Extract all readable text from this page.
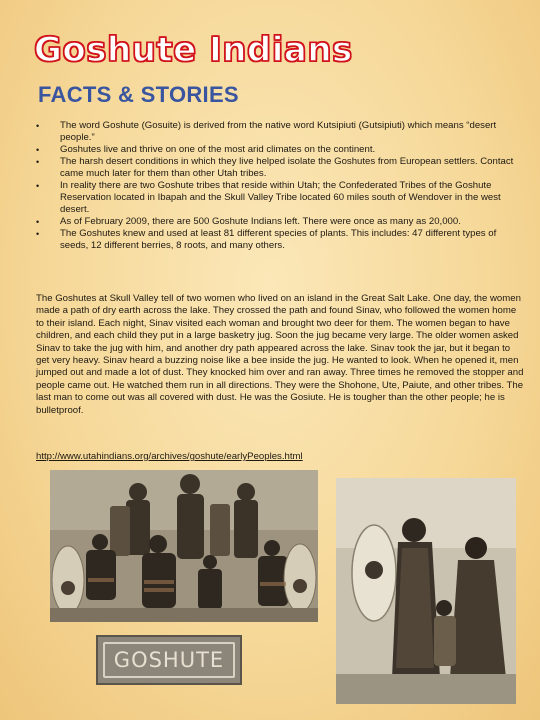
Goshute Indians
FACTS & STORIES
• The word Goshute (Gosuite) is derived from the native word Kutsipiuti (Gutsipiuti) which means “desert people.”
• Goshutes live and thrive on one of the most arid climates on the continent.
• The harsh desert conditions in which they live helped isolate the Goshutes from European settlers. Contact came much later for them than other Utah tribes.
• In reality there are two Goshute tribes that reside within Utah; the Confederated Tribes of the Goshute Reservation located in Ibapah and the Skull Valley Tribe located 60 miles south of Wendover in the west desert.
• As of February 2009, there are 500 Goshute Indians left. There were once as many as 20,000.
• The Goshutes knew and used at least 81 different species of plants. This includes: 47 different types of seeds, 12 different berries, 8 roots, and many others.

The Goshutes at Skull Valley tell of two women who lived on an island in the Great Salt Lake. One day, the women made a path of dry earth across the lake. They crossed the path and found Sinav, who followed the women home to their island. Each night, Sinav visited each woman and brought two deer for them. The women began to have children, and each child they put in a large basketry jug. Soon the jug became very large. The older women asked Sinav to take the jug with him, and another dry path appeared across the lake. Sinav took the jar, but it began to get very heavy. Sinav heard a buzzing noise like a bee inside the jug. He wanted to look. When he opened it, men jumped out and made a lot of dust. They knocked him over and ran away. Three times he removed the stopper and people came out. He watched them run in all directions. They were the Shohone, Ute, Paiute, and other tribes. The last man to come out was all covered with dust. He was the Gosiute. He is tougher than the other people; he is bulletproof.

http://www.utahindians.org/archives/goshute/earlyPeoples.html
GOSHUTE
